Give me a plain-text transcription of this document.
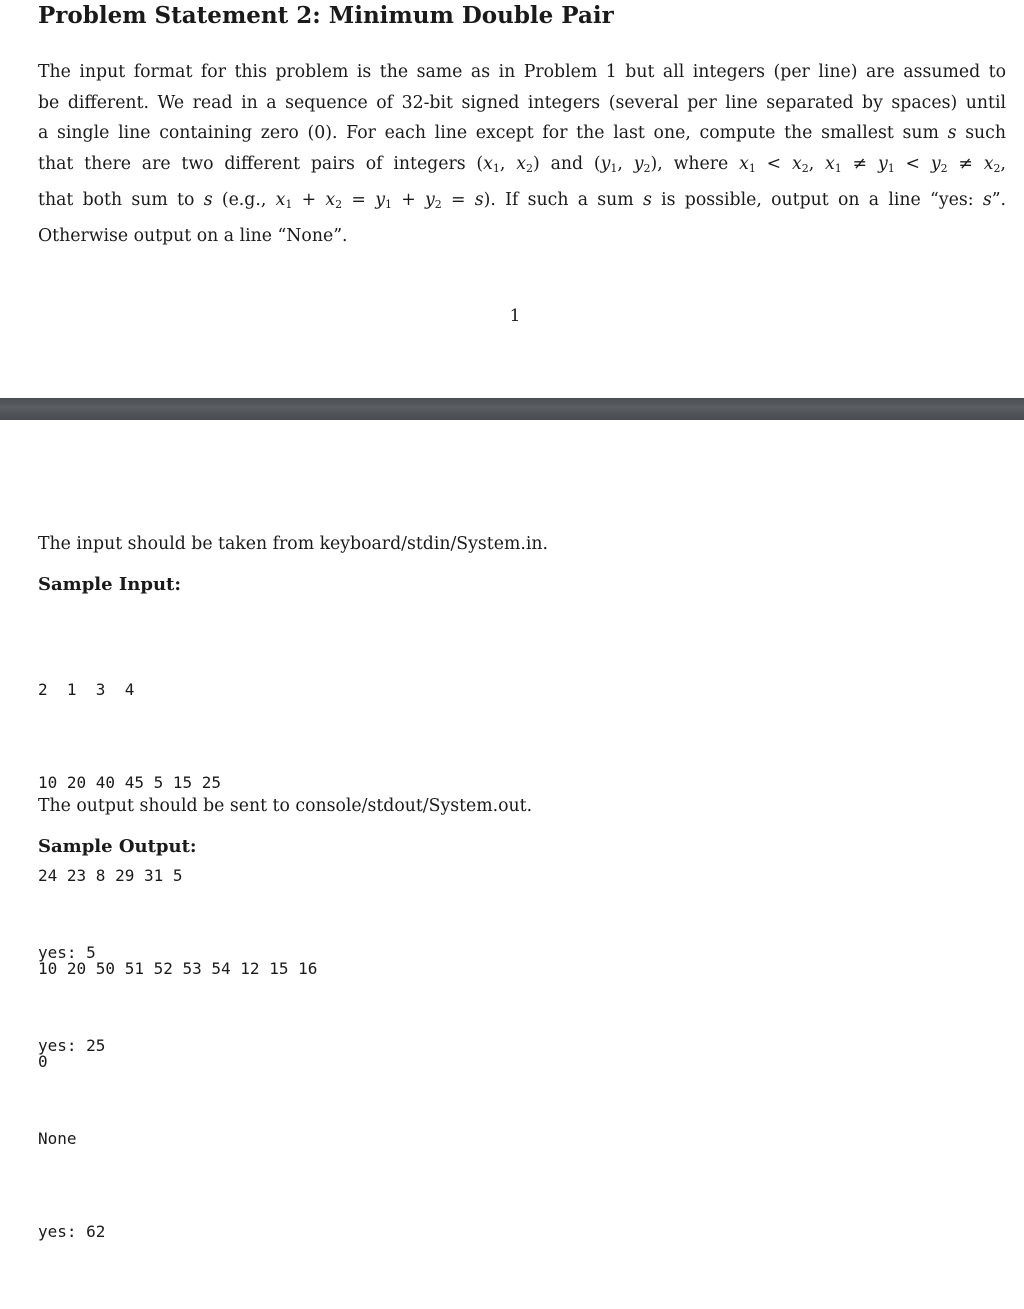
Problem Statement 2: Minimum Double Pair
The input format for this problem is the same as in Problem 1 but all integers (per line) are assumed to
be different. We read in a sequence of 32-bit signed integers (several per line separated by spaces) until
a single line containing zero (0). For each line except for the last one, compute the smallest sum s such
that there are two different pairs of integers ($x_1$, $x_2$) and ($y_1$, $y_2$), where $x_1 < x_2$, $x_1 \ne y_1 < y_2 \ne x_2$,
that both sum to s (e.g., $x_1 + x_2 = y_1 + y_2 = s$). If such a sum s is possible, output on a line “yes: s”.
Otherwise output on a line “None”.
1
The input should be taken from keyboard/stdin/System.in.
Sample Input:

2  1  3  4

10 20 40 45 5 15 25

24 23 8 29 31 5

10 20 50 51 52 53 54 12 15 16

0

The output should be sent to console/stdout/System.out.
Sample Output:

yes: 5

yes: 25

None

yes: 62
